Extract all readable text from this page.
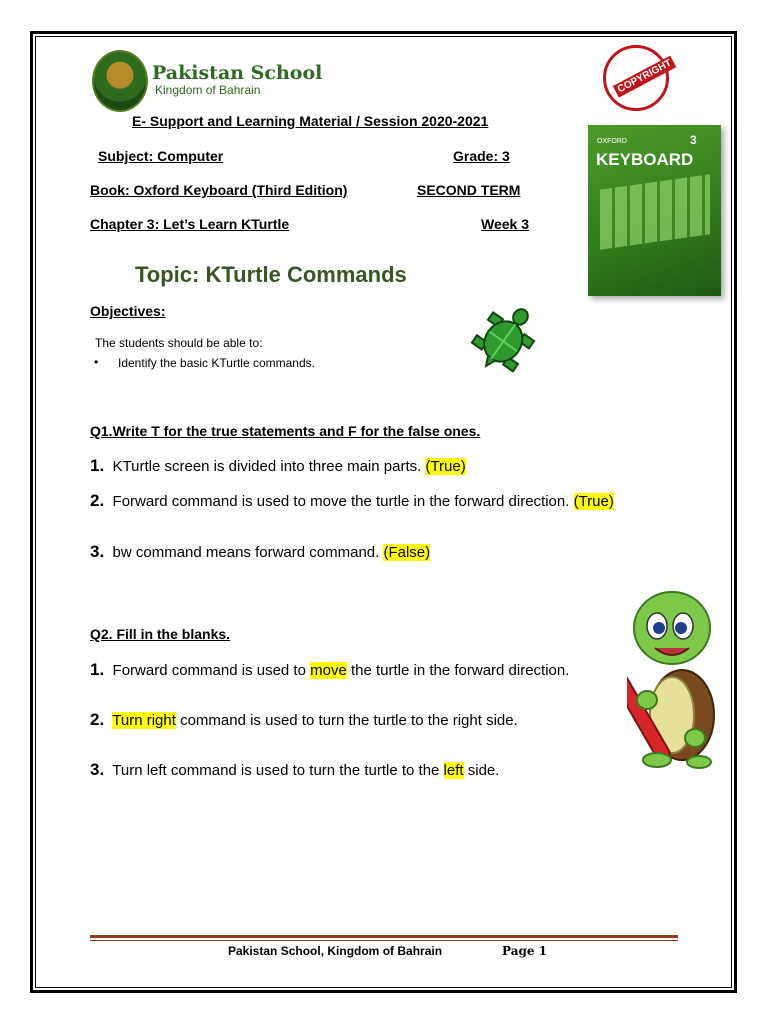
Pakistan School
Kingdom of Bahrain	COPYRIGHT
OXFORD
KEYBOARD
3
E- Support and Learning Material / Session 2020-2021
Subject: Computer	Grade: 3
Book: Oxford Keyboard (Third Edition)	SECOND TERM
Chapter 3: Let’s Learn KTurtle	Week 3
Topic: KTurtle Commands
Objectives:
The students should be able to:
• Identify the basic KTurtle commands.
Q1.Write T for the true statements and F for the false ones.
1. KTurtle screen is divided into three main parts. (True)
2. Forward command is used to move the turtle in the forward direction. (True)
3. bw command means forward command. (False)
Q2. Fill in the blanks.
1. Forward command is used to move the turtle in the forward direction.
2. Turn right command is used to turn the turtle to the right side.
3. Turn left command is used to turn the turtle to the left side.
Pakistan School, Kingdom of Bahrain	Page 1
